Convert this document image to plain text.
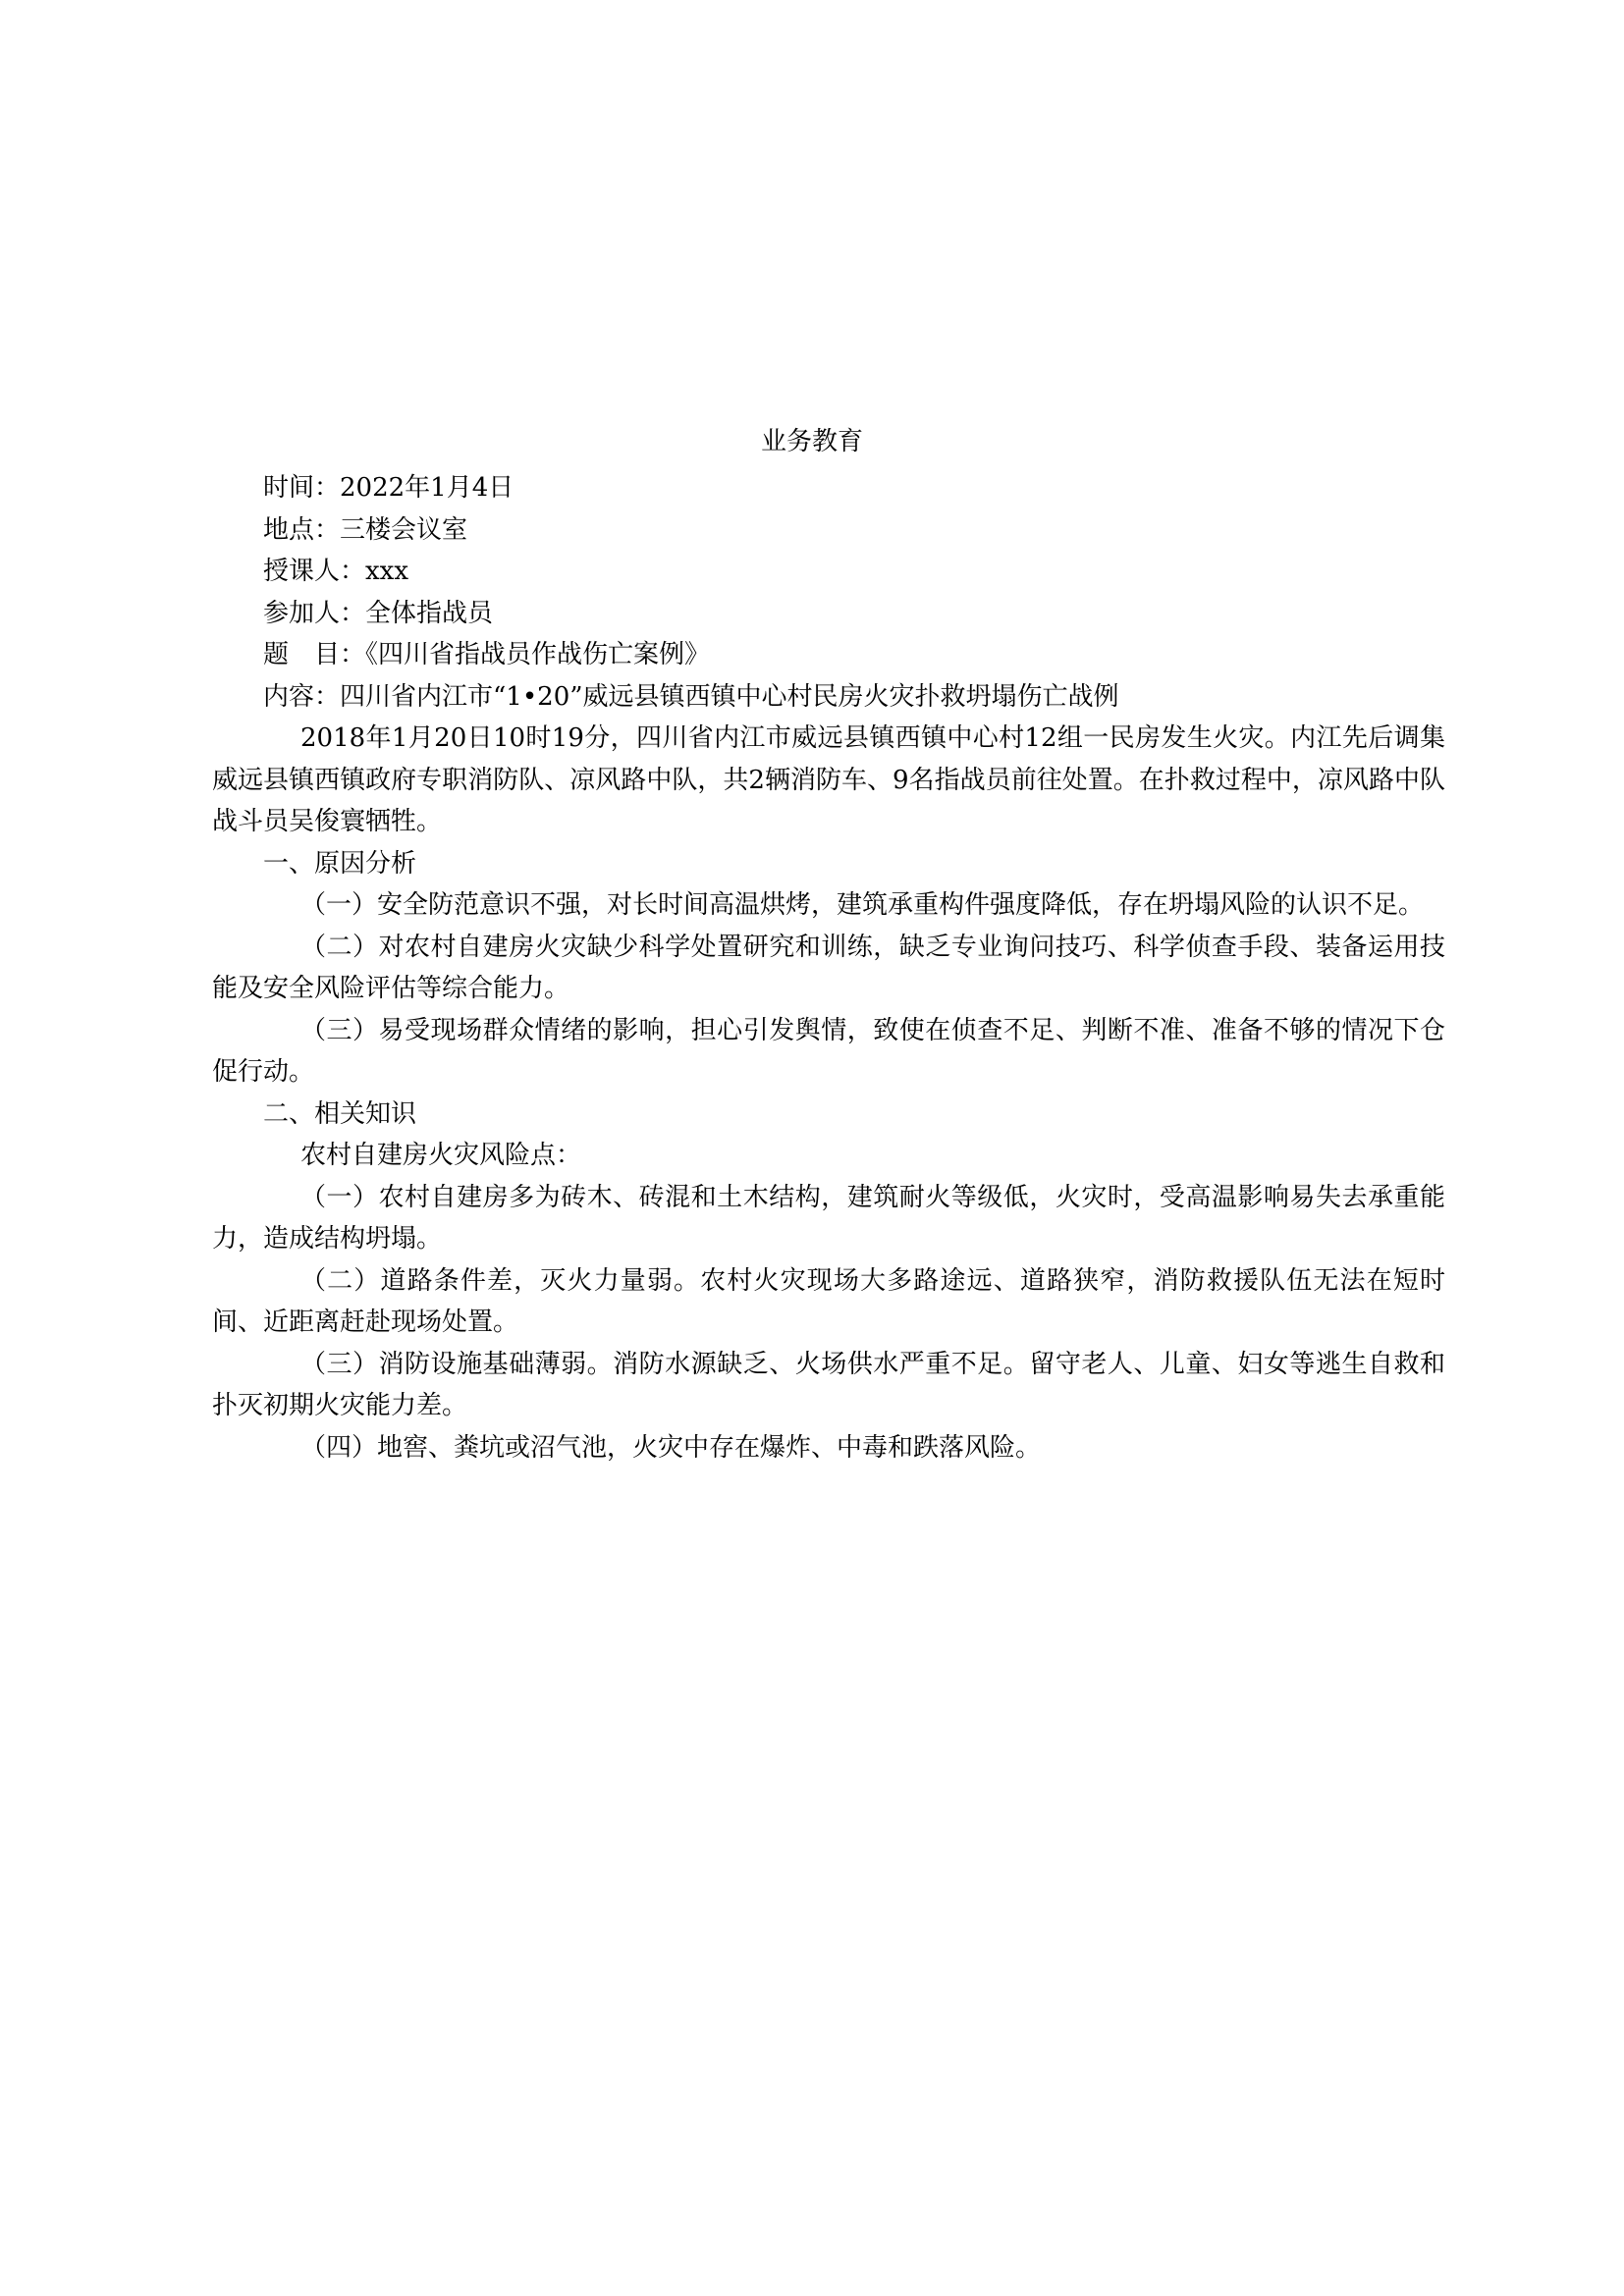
业务教育

时间：2022年1月4日

地点：三楼会议室

授课人：xxx

参加人：全体指战员

题　目：《四川省指战员作战伤亡案例》

内容：四川省内江市“1•20”威远县镇西镇中心村民房火灾扑救坍塌伤亡战例

2018年1月20日10时19分，四川省内江市威远县镇西镇中心村12组一民房发生火灾。内江先后调集威远县镇西镇政府专职消防队、凉风路中队，共2辆消防车、9名指战员前往处置。在扑救过程中，凉风路中队战斗员吴俊寰牺牲。

一、原因分析

（一）安全防范意识不强，对长时间高温烘烤，建筑承重构件强度降低，存在坍塌风险的认识不足。

（二）对农村自建房火灾缺少科学处置研究和训练，缺乏专业询问技巧、科学侦查手段、装备运用技能及安全风险评估等综合能力。

（三）易受现场群众情绪的影响，担心引发舆情，致使在侦查不足、判断不准、准备不够的情况下仓促行动。

二、相关知识

农村自建房火灾风险点：

（一）农村自建房多为砖木、砖混和土木结构，建筑耐火等级低，火灾时，受高温影响易失去承重能力，造成结构坍塌。

（二）道路条件差，灭火力量弱。农村火灾现场大多路途远、道路狭窄，消防救援队伍无法在短时间、近距离赶赴现场处置。

（三）消防设施基础薄弱。消防水源缺乏、火场供水严重不足。留守老人、儿童、妇女等逃生自救和扑灭初期火灾能力差。

（四）地窖、粪坑或沼气池，火灾中存在爆炸、中毒和跌落风险。
